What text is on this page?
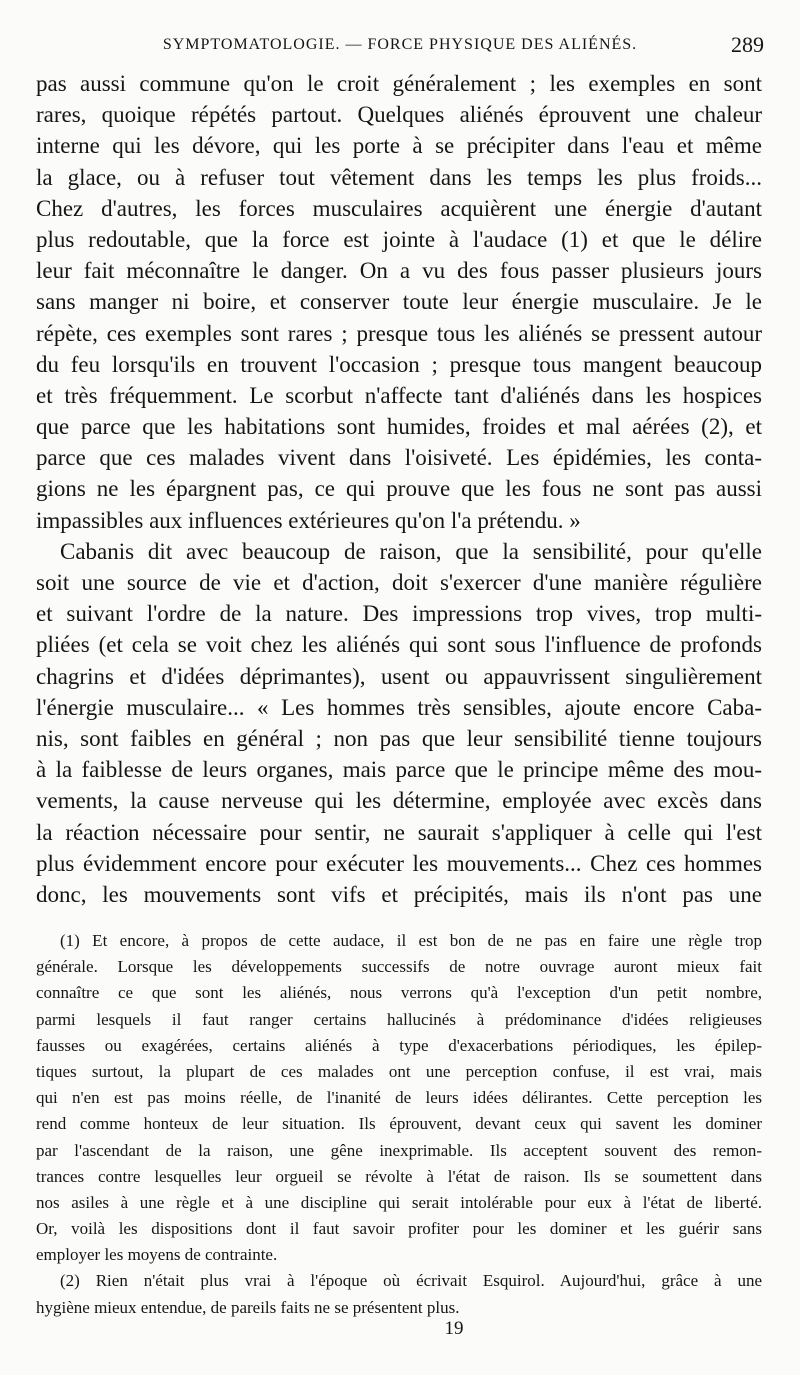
SYMPTOMATOLOGIE. — FORCE PHYSIQUE DES ALIÉNÉS.	289
pas aussi commune qu'on le croit généralement ; les exemples en sont
rares, quoique répétés partout. Quelques aliénés éprouvent une chaleur
interne qui les dévore, qui les porte à se précipiter dans l'eau et même
la glace, ou à refuser tout vêtement dans les temps les plus froids...
Chez d'autres, les forces musculaires acquièrent une énergie d'autant
plus redoutable, que la force est jointe à l'audace (1) et que le délire
leur fait méconnaître le danger. On a vu des fous passer plusieurs jours
sans manger ni boire, et conserver toute leur énergie musculaire. Je le
répète, ces exemples sont rares ; presque tous les aliénés se pressent autour
du feu lorsqu'ils en trouvent l'occasion ; presque tous mangent beaucoup
et très fréquemment. Le scorbut n'affecte tant d'aliénés dans les hospices
que parce que les habitations sont humides, froides et mal aérées (2), et
parce que ces malades vivent dans l'oisiveté. Les épidémies, les conta-
gions ne les épargnent pas, ce qui prouve que les fous ne sont pas aussi
impassibles aux influences extérieures qu'on l'a prétendu. »
Cabanis dit avec beaucoup de raison, que la sensibilité, pour qu'elle
soit une source de vie et d'action, doit s'exercer d'une manière régulière
et suivant l'ordre de la nature. Des impressions trop vives, trop multi-
pliées (et cela se voit chez les aliénés qui sont sous l'influence de profonds
chagrins et d'idées déprimantes), usent ou appauvrissent singulièrement
l'énergie musculaire... « Les hommes très sensibles, ajoute encore Caba-
nis, sont faibles en général ; non pas que leur sensibilité tienne toujours
à la faiblesse de leurs organes, mais parce que le principe même des mou-
vements, la cause nerveuse qui les détermine, employée avec excès dans
la réaction nécessaire pour sentir, ne saurait s'appliquer à celle qui l'est
plus évidemment encore pour exécuter les mouvements... Chez ces hommes
donc, les mouvements sont vifs et précipités, mais ils n'ont pas une
(1) Et encore, à propos de cette audace, il est bon de ne pas en faire une règle trop
générale. Lorsque les développements successifs de notre ouvrage auront mieux fait
connaître ce que sont les aliénés, nous verrons qu'à l'exception d'un petit nombre,
parmi lesquels il faut ranger certains hallucinés à prédominance d'idées religieuses
fausses ou exagérées, certains aliénés à type d'exacerbations périodiques, les épilep-
tiques surtout, la plupart de ces malades ont une perception confuse, il est vrai, mais
qui n'en est pas moins réelle, de l'inanité de leurs idées délirantes. Cette perception les
rend comme honteux de leur situation. Ils éprouvent, devant ceux qui savent les dominer
par l'ascendant de la raison, une gêne inexprimable. Ils acceptent souvent des remon-
trances contre lesquelles leur orgueil se révolte à l'état de raison. Ils se soumettent dans
nos asiles à une règle et à une discipline qui serait intolérable pour eux à l'état de liberté.
Or, voilà les dispositions dont il faut savoir profiter pour les dominer et les guérir sans
employer les moyens de contrainte.
(2) Rien n'était plus vrai à l'époque où écrivait Esquirol. Aujourd'hui, grâce à une
hygiène mieux entendue, de pareils faits ne se présentent plus.
19
